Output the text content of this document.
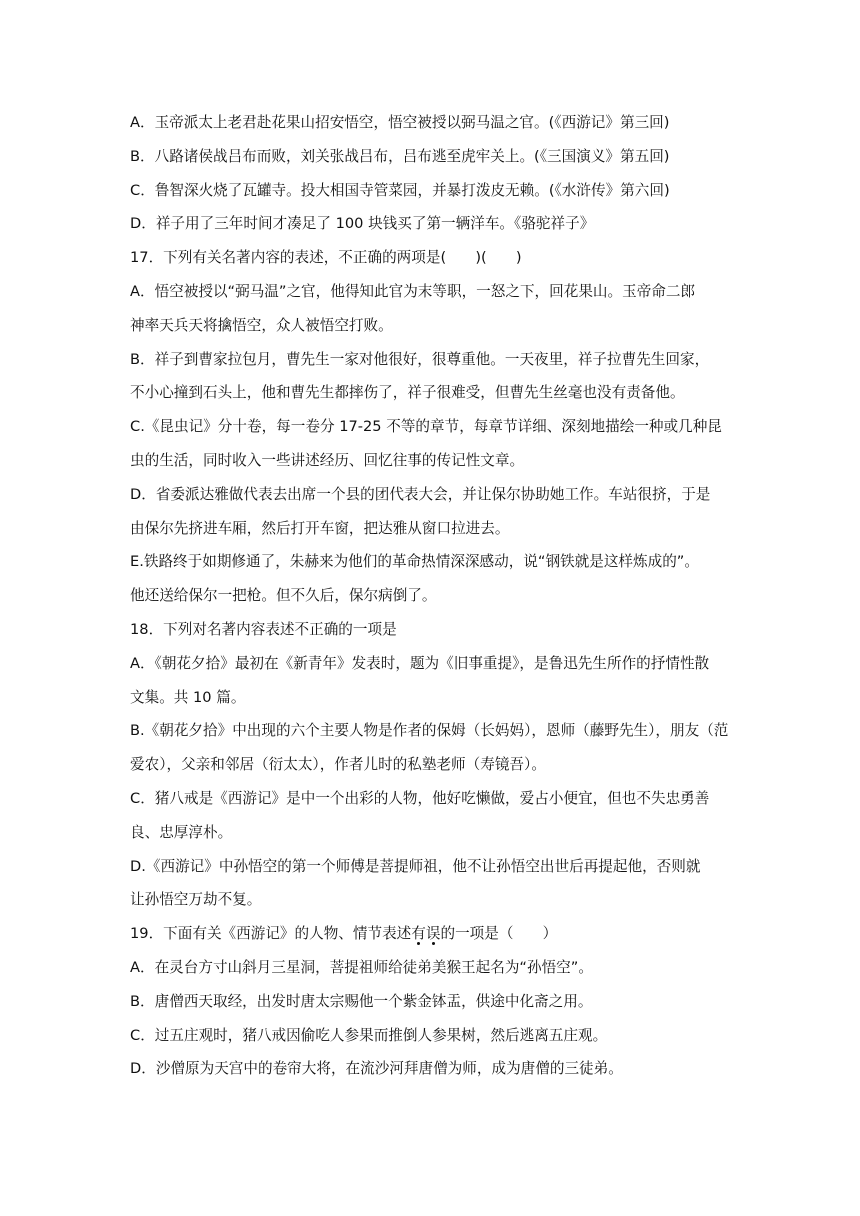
A．玉帝派太上老君赴花果山招安悟空，悟空被授以弼马温之官。(《西游记》第三回)
B．八路诸侯战吕布而败，刘关张战吕布，吕布逃至虎牢关上。(《三国演义》第五回)
C．鲁智深火烧了瓦罐寺。投大相国寺管菜园，并暴打泼皮无赖。(《水浒传》第六回)
D．祥子用了三年时间才凑足了 100 块钱买了第一辆洋车。《骆驼祥子》
17．下列有关名著内容的表述，不正确的两项是(　　)(　　)
A．悟空被授以“弼马温”之官，他得知此官为末等职，一怒之下，回花果山。玉帝命二郎
神率天兵天将擒悟空，众人被悟空打败。
B．祥子到曹家拉包月，曹先生一家对他很好，很尊重他。一天夜里，祥子拉曹先生回家，
不小心撞到石头上，他和曹先生都摔伤了，祥子很难受，但曹先生丝毫也没有责备他。
C.《昆虫记》分十卷，每一卷分 17-25 不等的章节，每章节详细、深刻地描绘一种或几种昆
虫的生活，同时收入一些讲述经历、回忆往事的传记性文章。
D．省委派达雅做代表去出席一个县的团代表大会，并让保尔协助她工作。车站很挤，于是
由保尔先挤进车厢，然后打开车窗，把达雅从窗口拉进去。
E.铁路终于如期修通了，朱赫来为他们的革命热情深深感动，说“钢铁就是这样炼成的”。
他还送给保尔一把枪。但不久后，保尔病倒了。
18．下列对名著内容表述不正确的一项是
A．《朝花夕拾》最初在《新青年》发表时，题为《旧事重提》，是鲁迅先生所作的抒情性散
文集。共 10 篇。
B.《朝花夕拾》中出现的六个主要人物是作者的保姆（长妈妈），恩师（藤野先生），朋友（范
爱农），父亲和邻居（衍太太），作者儿时的私塾老师（寿镜吾）。
C．猪八戒是《西游记》是中一个出彩的人物，他好吃懒做，爱占小便宜，但也不失忠勇善
良、忠厚淳朴。
D.《西游记》中孙悟空的第一个师傅是菩提师祖，他不让孙悟空出世后再提起他，否则就
让孙悟空万劫不复。
19．下面有关《西游记》的人物、情节表述有误的一项是（　　）
A．在灵台方寸山斜月三星洞，菩提祖师给徒弟美猴王起名为“孙悟空”。
B．唐僧西天取经，出发时唐太宗赐他一个紫金钵盂，供途中化斋之用。
C．过五庄观时，猪八戒因偷吃人参果而推倒人参果树，然后逃离五庄观。
D．沙僧原为天宫中的卷帘大将，在流沙河拜唐僧为师，成为唐僧的三徒弟。
